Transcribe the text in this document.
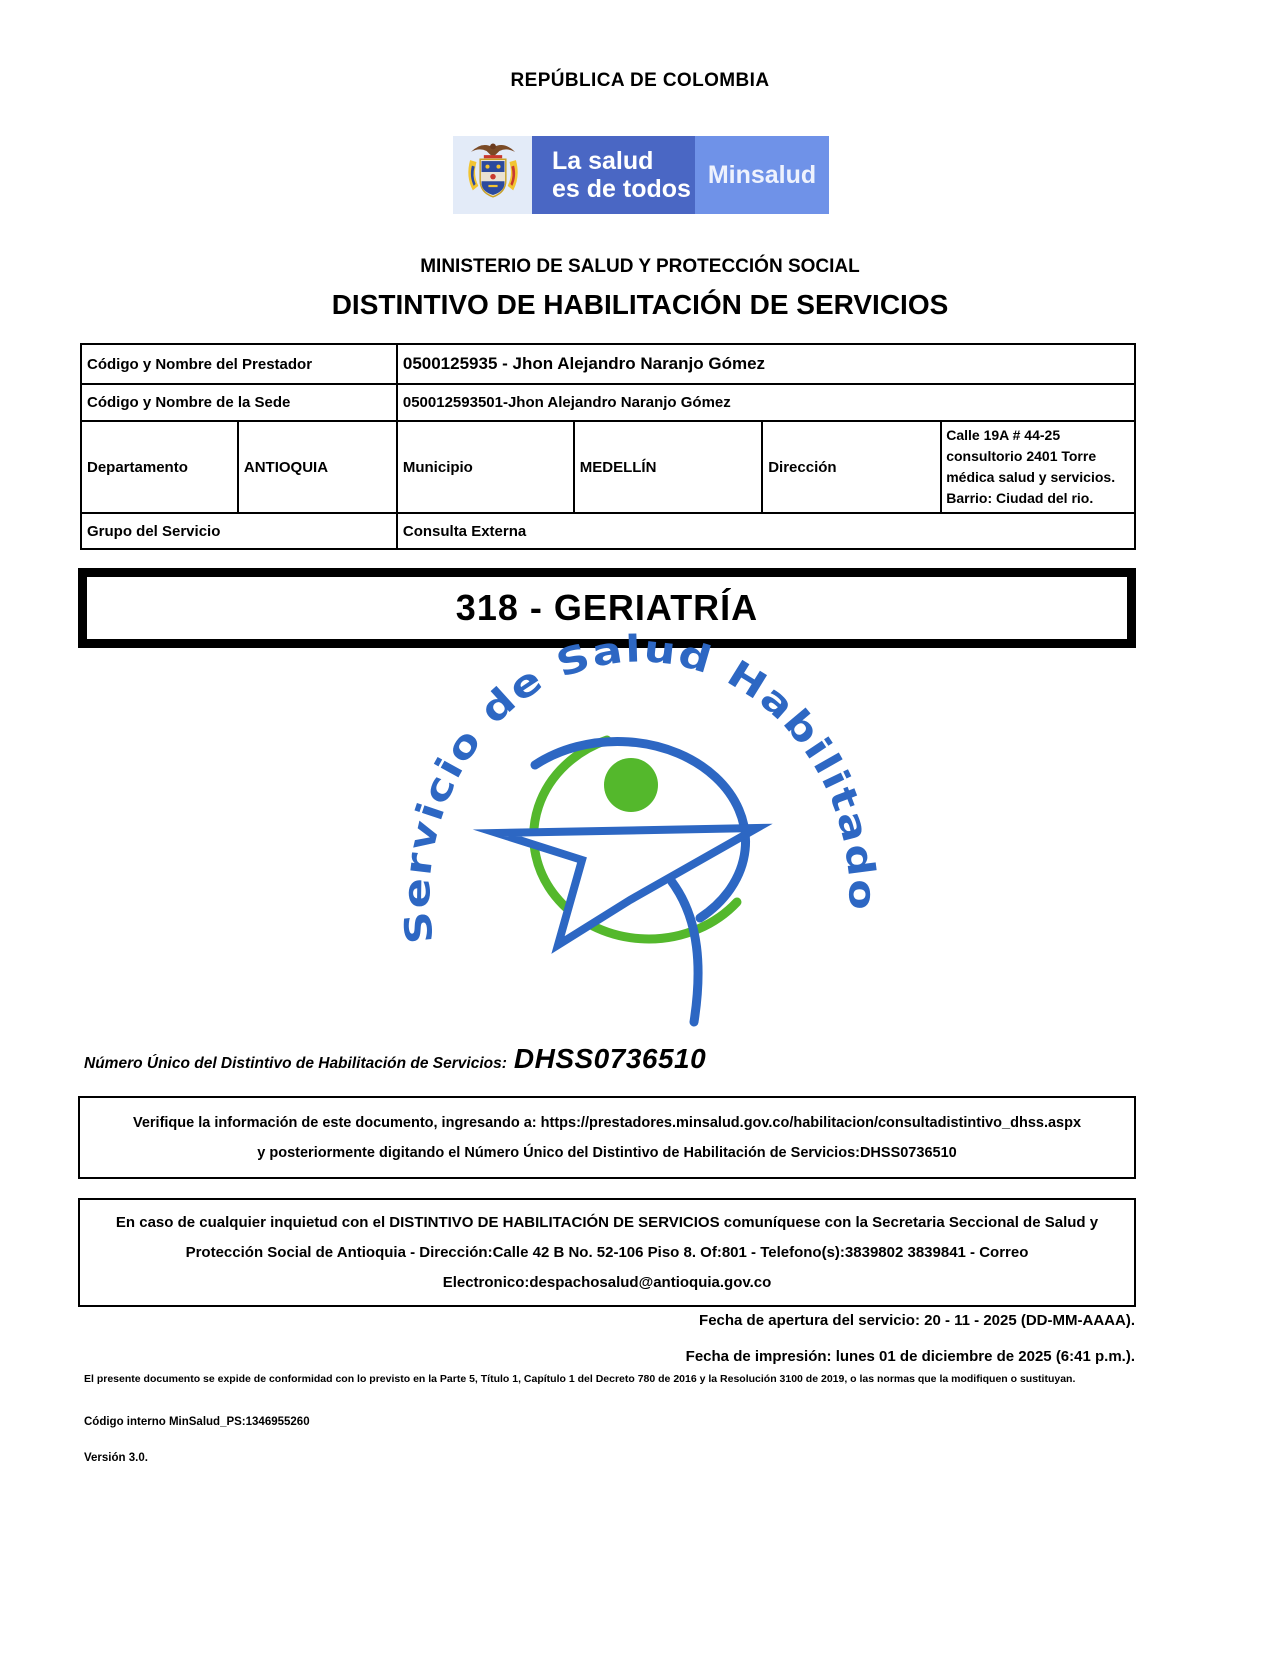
REPÚBLICA DE COLOMBIA
La salud
es de todos
Minsalud
MINISTERIO DE SALUD Y PROTECCIÓN SOCIAL
DISTINTIVO DE HABILITACIÓN DE SERVICIOS
Código y Nombre del Prestador		0500125935 - Jhon Alejandro Naranjo Gómez			
Código y Nombre de la Sede		050012593501-Jhon Alejandro Naranjo Gómez			
Departamento	ANTIOQUIA	Municipio	MEDELLÍN	Dirección	Calle 19A # 44-25 consultorio 2401 Torre médica salud y servicios. Barrio: Ciudad del rio.
Grupo del Servicio		Consulta Externa			
318 - GERIATRÍA
Servicio de Salud Habilitado
Número Único del Distintivo de Habilitación de Servicios: DHSS0736510
Verifique la información de este documento, ingresando a: https://prestadores.minsalud.gov.co/habilitacion/consultadistintivo_dhss.aspx
y posteriormente digitando el Número Único del Distintivo de Habilitación de Servicios:DHSS0736510
En caso de cualquier inquietud con el DISTINTIVO DE HABILITACIÓN DE SERVICIOS comuníquese con la Secretaria Seccional de Salud y
Protección Social de Antioquia - Dirección:Calle 42 B No. 52-106 Piso 8. Of:801 - Telefono(s):3839802 3839841 - Correo
Electronico:despachosalud@antioquia.gov.co
Fecha de apertura del servicio: 20 - 11 - 2025 (DD-MM-AAAA).
Fecha de impresión: lunes 01 de diciembre de 2025 (6:41 p.m.).
El presente documento se expide de conformidad con lo previsto en la Parte 5, Título 1, Capítulo 1 del Decreto 780 de 2016 y la Resolución 3100 de 2019, o las normas que la modifiquen o sustituyan.
Código interno MinSalud_PS:1346955260
Versión 3.0.
